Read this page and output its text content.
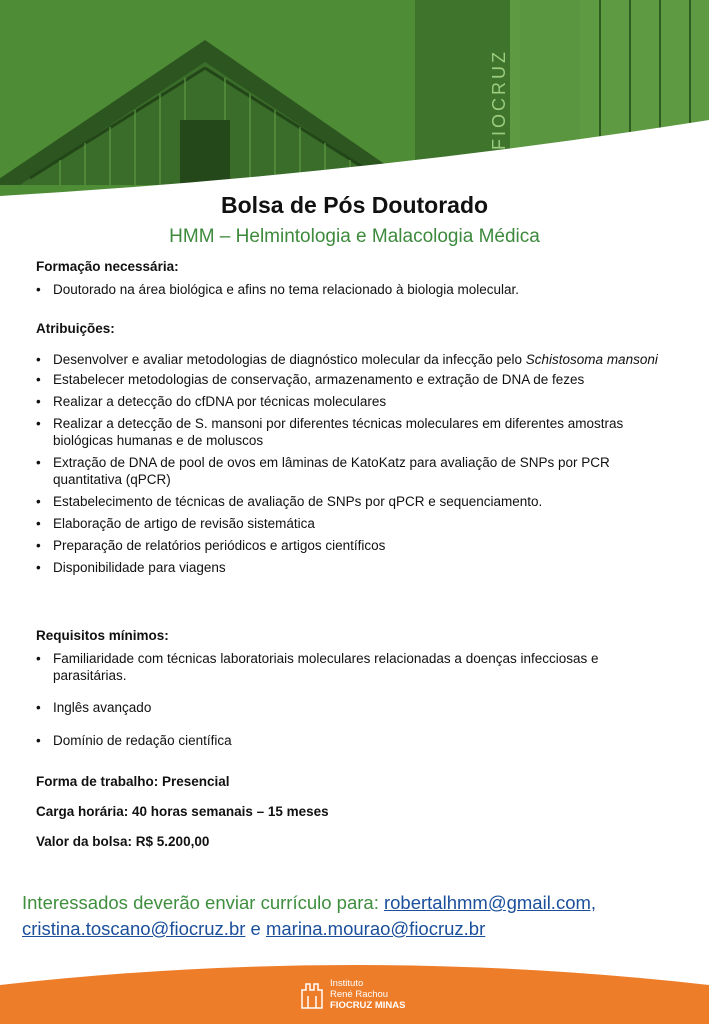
FIOCRUZ
Bolsa de Pós Doutorado
HMM – Helmintologia e Malacologia Médica
Formação necessária:
• Doutorado na área biológica e afins no tema relacionado à biologia molecular.
Atribuições:
• Desenvolver e avaliar metodologias de diagnóstico molecular da infecção pelo Schistosoma mansoni
• Estabelecer metodologias de conservação, armazenamento e extração de DNA de fezes
• Realizar a detecção do cfDNA por técnicas moleculares
• Realizar a detecção de S. mansoni por diferentes técnicas moleculares em diferentes amostras biológicas humanas e de moluscos
• Extração de DNA de pool de ovos em lâminas de KatoKatz para avaliação de SNPs por PCR quantitativa (qPCR)
• Estabelecimento de técnicas de avaliação de SNPs por qPCR e sequenciamento.
• Elaboração de artigo de revisão sistemática
• Preparação de relatórios periódicos e artigos científicos
• Disponibilidade para viagens
Requisitos mínimos:
• Familiaridade com técnicas laboratoriais moleculares relacionadas a doenças infecciosas e parasitárias.
• Inglês avançado
• Domínio de redação científica
Forma de trabalho: Presencial
Carga horária: 40 horas semanais – 15 meses
Valor da bolsa: R$ 5.200,00
Interessados deverão enviar currículo para: robertalhmm@gmail.com,
cristina.toscano@fiocruz.br e marina.mourao@fiocruz.br
Instituto
René Rachou
FIOCRUZ MINAS
